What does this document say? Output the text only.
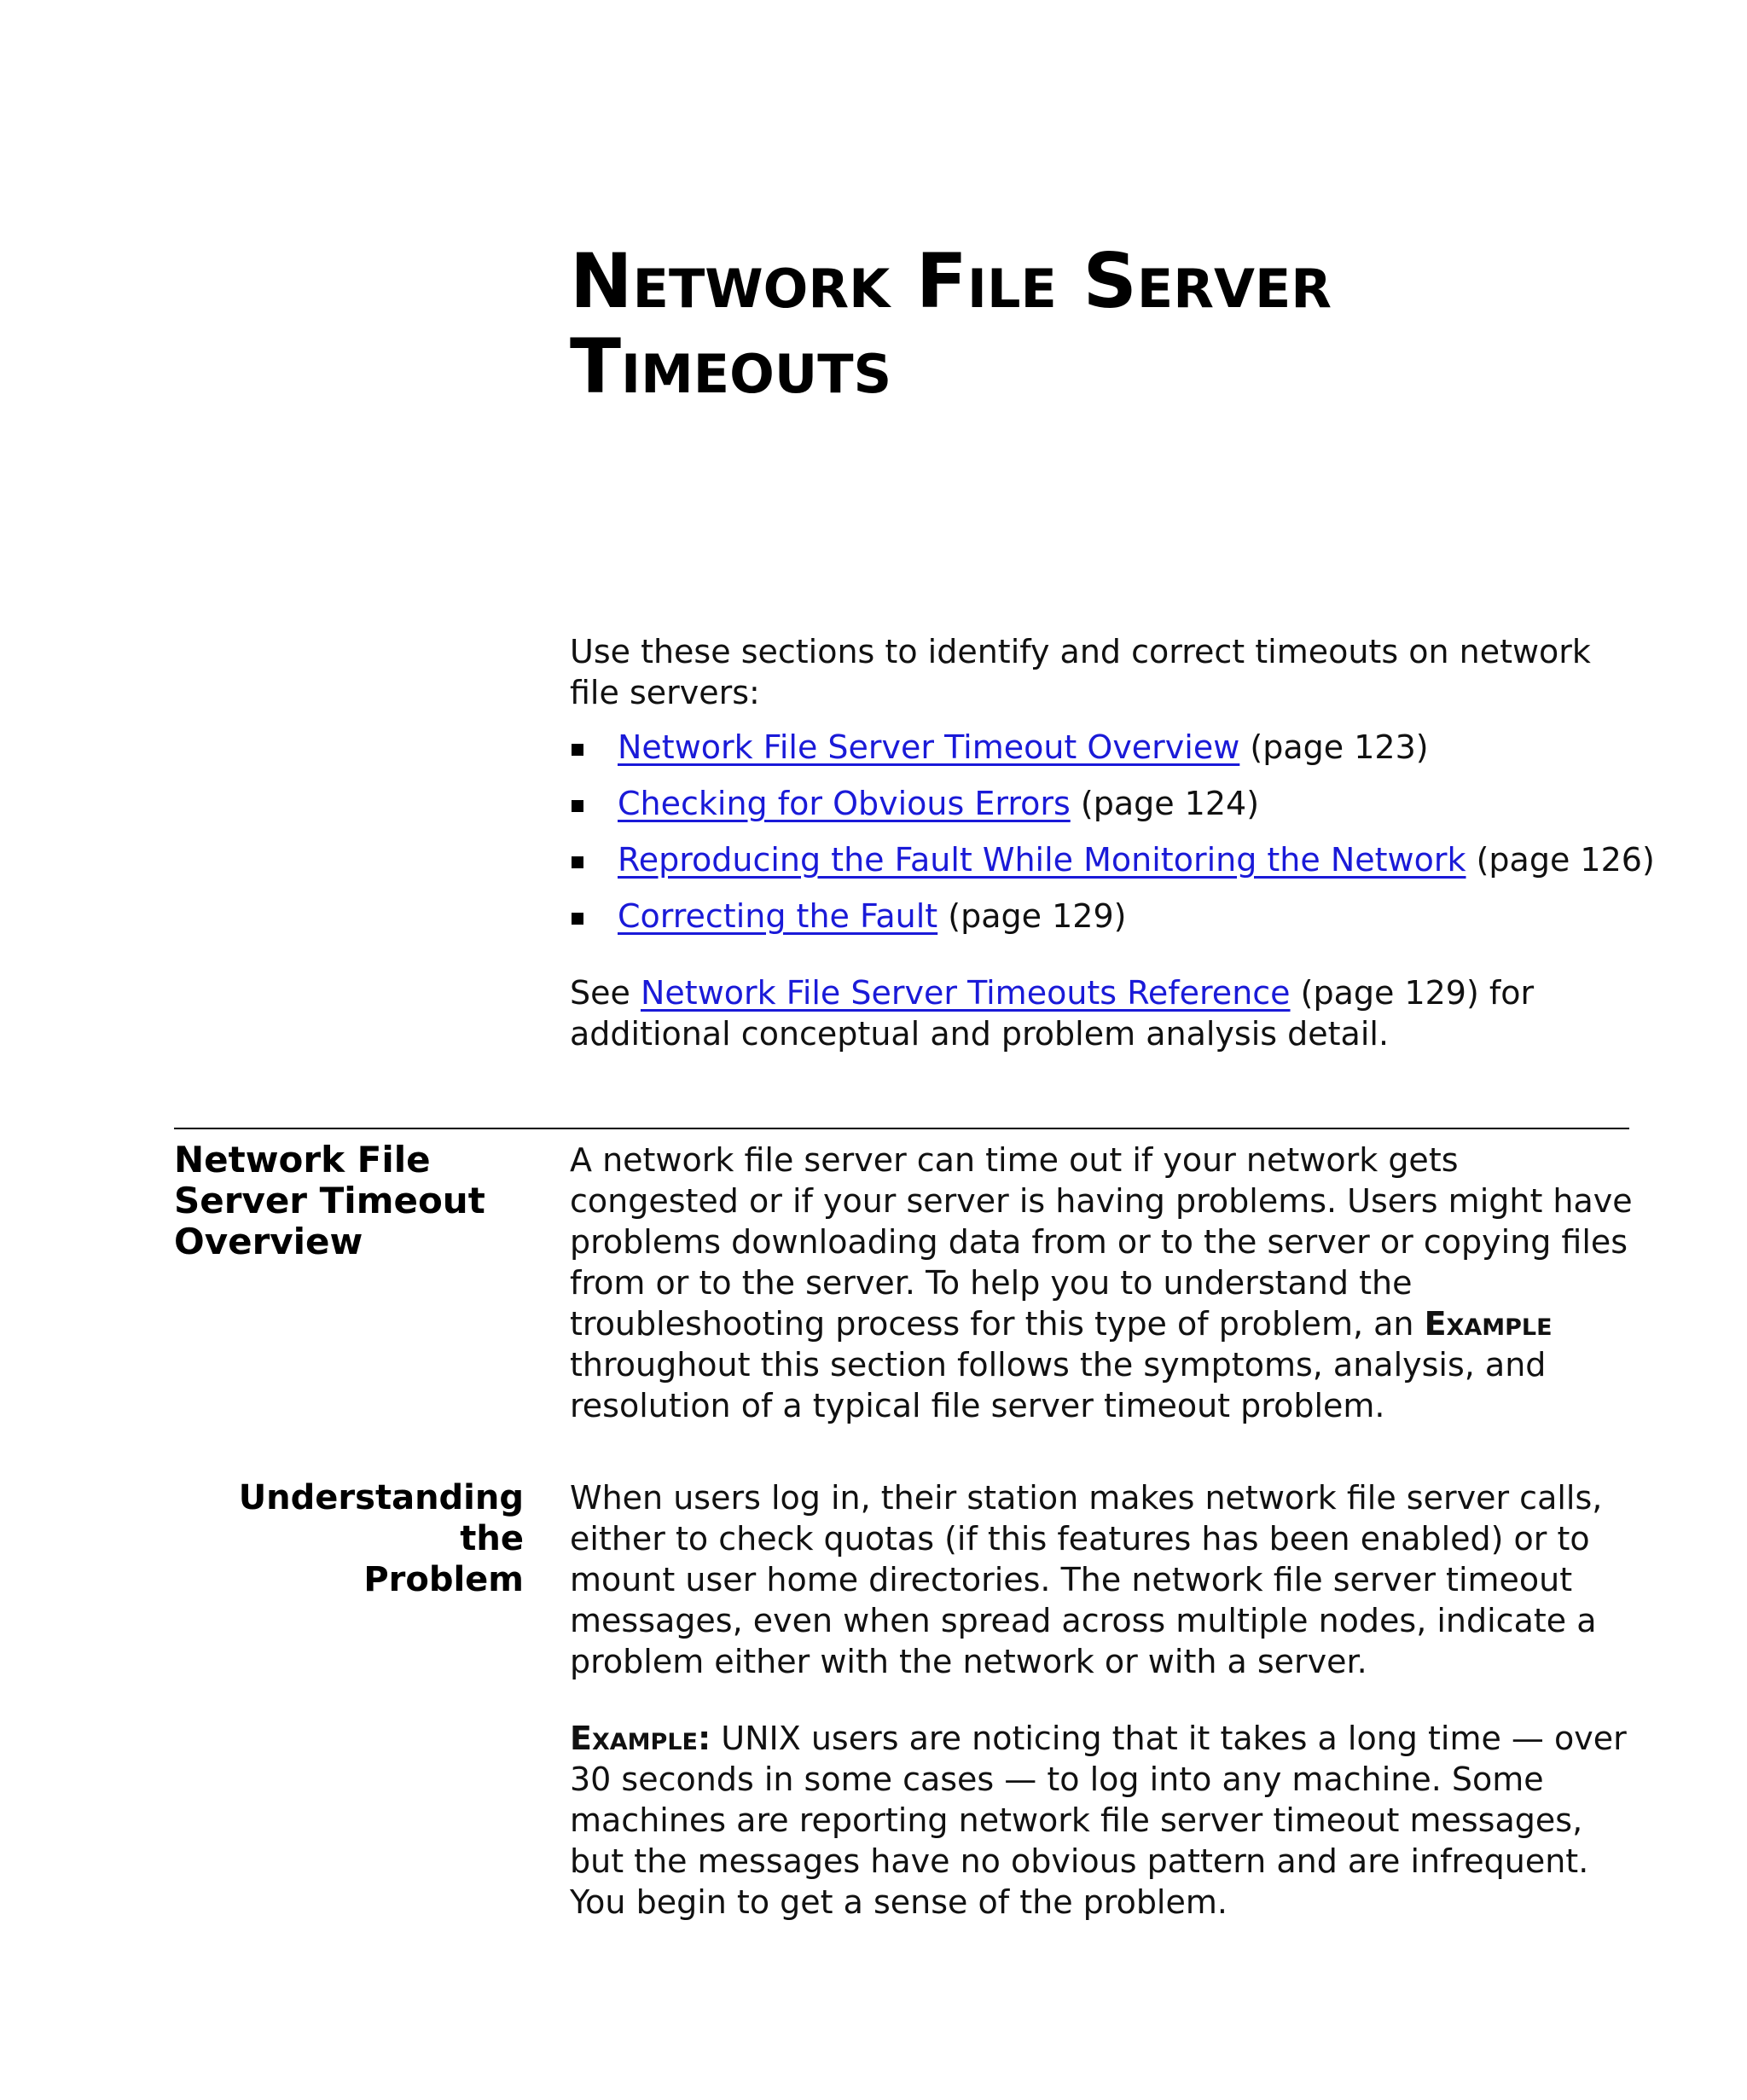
Network File Server
Timeouts

Use these sections to identify and correct timeouts on network file servers:

Network File Server Timeout Overview (page 123)
Checking for Obvious Errors (page 124)
Reproducing the Fault While Monitoring the Network (page 126)
Correcting the Fault (page 129)

See Network File Server Timeouts Reference (page 129) for additional conceptual and problem analysis detail.

Network File Server Timeout Overview

A network file server can time out if your network gets congested or if your server is having problems. Users might have problems downloading data from or to the server or copying files from or to the server. To help you to understand the troubleshooting process for this type of problem, an Example throughout this section follows the symptoms, analysis, and resolution of a typical file server timeout problem.

Understanding the
Problem

When users log in, their station makes network file server calls, either to check quotas (if this features has been enabled) or to mount user home directories. The network file server timeout messages, even when spread across multiple nodes, indicate a problem either with the network or with a server.

Example: UNIX users are noticing that it takes a long time — over 30 seconds in some cases — to log into any machine. Some machines are reporting network file server timeout messages, but the messages have no obvious pattern and are infrequent. You begin to get a sense of the problem.
